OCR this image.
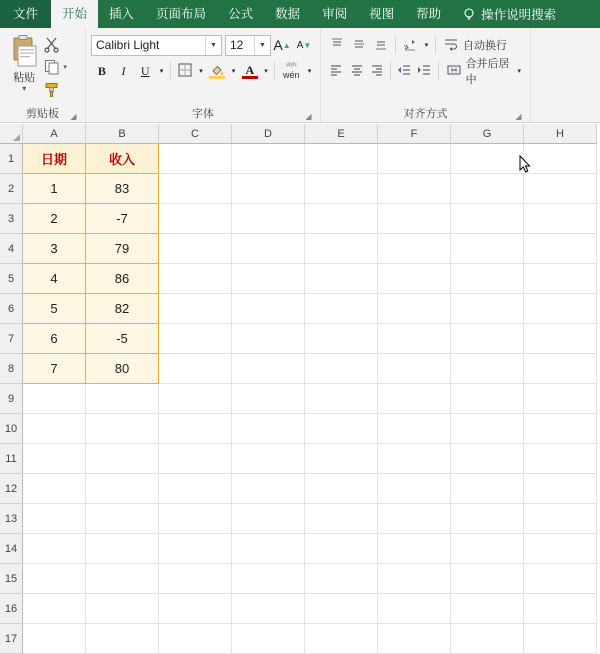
文件	开始	插入	页面布局	公式	数据	审阅	视图	帮助	操作说明搜索
粘贴
▾
▾
剪贴板 ◢
Calibri Light	▼	12	▼ A ▲ A ▼
B I U ▾	▾	▾ A ▾
ᵂᴱ̌ᴺ
wén ▾
字体	◢
a ▾	自动换行
合并后居中
▾
对齐方式	◢
	A	B	C	D	E	F	G	H
1	日期	收入						
2	1	83						
3	2	-7						
4	3	79						
5	4	86						
6	5	82						
7	6	-5						
8	7	80						
9								
10								
11								
12								
13								
14								
15								
16								
17								
